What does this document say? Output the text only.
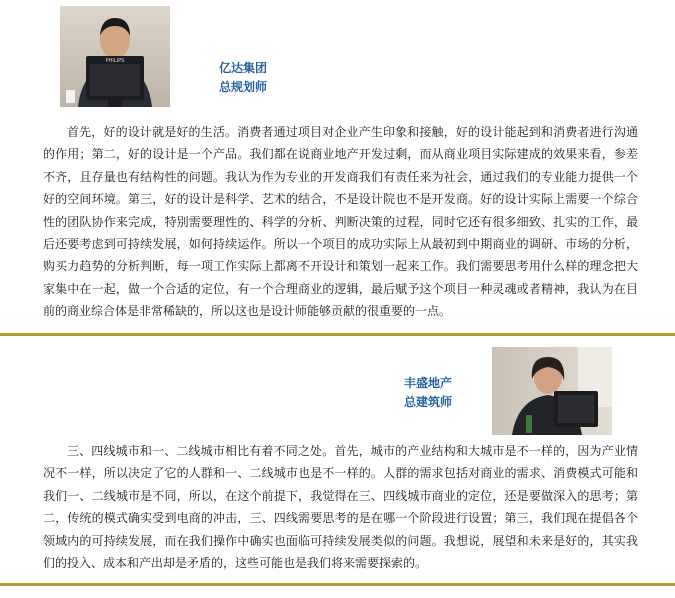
PHILIPS	亿达集团
总规划师

首先，好的设计就是好的生活。消费者通过项目对企业产生印象和接触，好的设计能起到和消费者进行沟通的作用；第二，好的设计是一个产品。我们都在说商业地产开发过剩，而从商业项目实际建成的效果来看，参差不齐，且存量也有结构性的问题。我认为作为专业的开发商我们有责任来为社会，通过我们的专业能力提供一个好的空间环境。第三，好的设计是科学、艺术的结合，不是设计院也不是开发商。好的设计实际上需要一个综合性的团队协作来完成，特别需要理性的、科学的分析、判断决策的过程，同时它还有很多细致、扎实的工作，最后还要考虑到可持续发展，如何持续运作。所以一个项目的成功实际上从最初到中期商业的调研、市场的分析，购买力趋势的分析判断，每一项工作实际上都离不开设计和策划一起来工作。我们需要思考用什么样的理念把大家集中在一起，做一个合适的定位，有一个合理商业的逻辑，最后赋予这个项目一种灵魂或者精神，我认为在目前的商业综合体是非常稀缺的，所以这也是设计师能够贡献的很重要的一点。

丰盛地产
总建筑师

三、四线城市和一、二线城市相比有着不同之处。首先，城市的产业结构和大城市是不一样的，因为产业情况不一样，所以决定了它的人群和一、二线城市也是不一样的。人群的需求包括对商业的需求、消费模式可能和我们一、二线城市是不同，所以，在这个前提下，我觉得在三、四线城市商业的定位，还是要做深入的思考；第二，传统的模式确实受到电商的冲击，三、四线需要思考的是在哪一个阶段进行设置；第三，我们现在提倡各个领域内的可持续发展，而在我们操作中确实也面临可持续发展类似的问题。我想说，展望和未来是好的，其实我们的投入、成本和产出却是矛盾的，这些可能也是我们将来需要探索的。
